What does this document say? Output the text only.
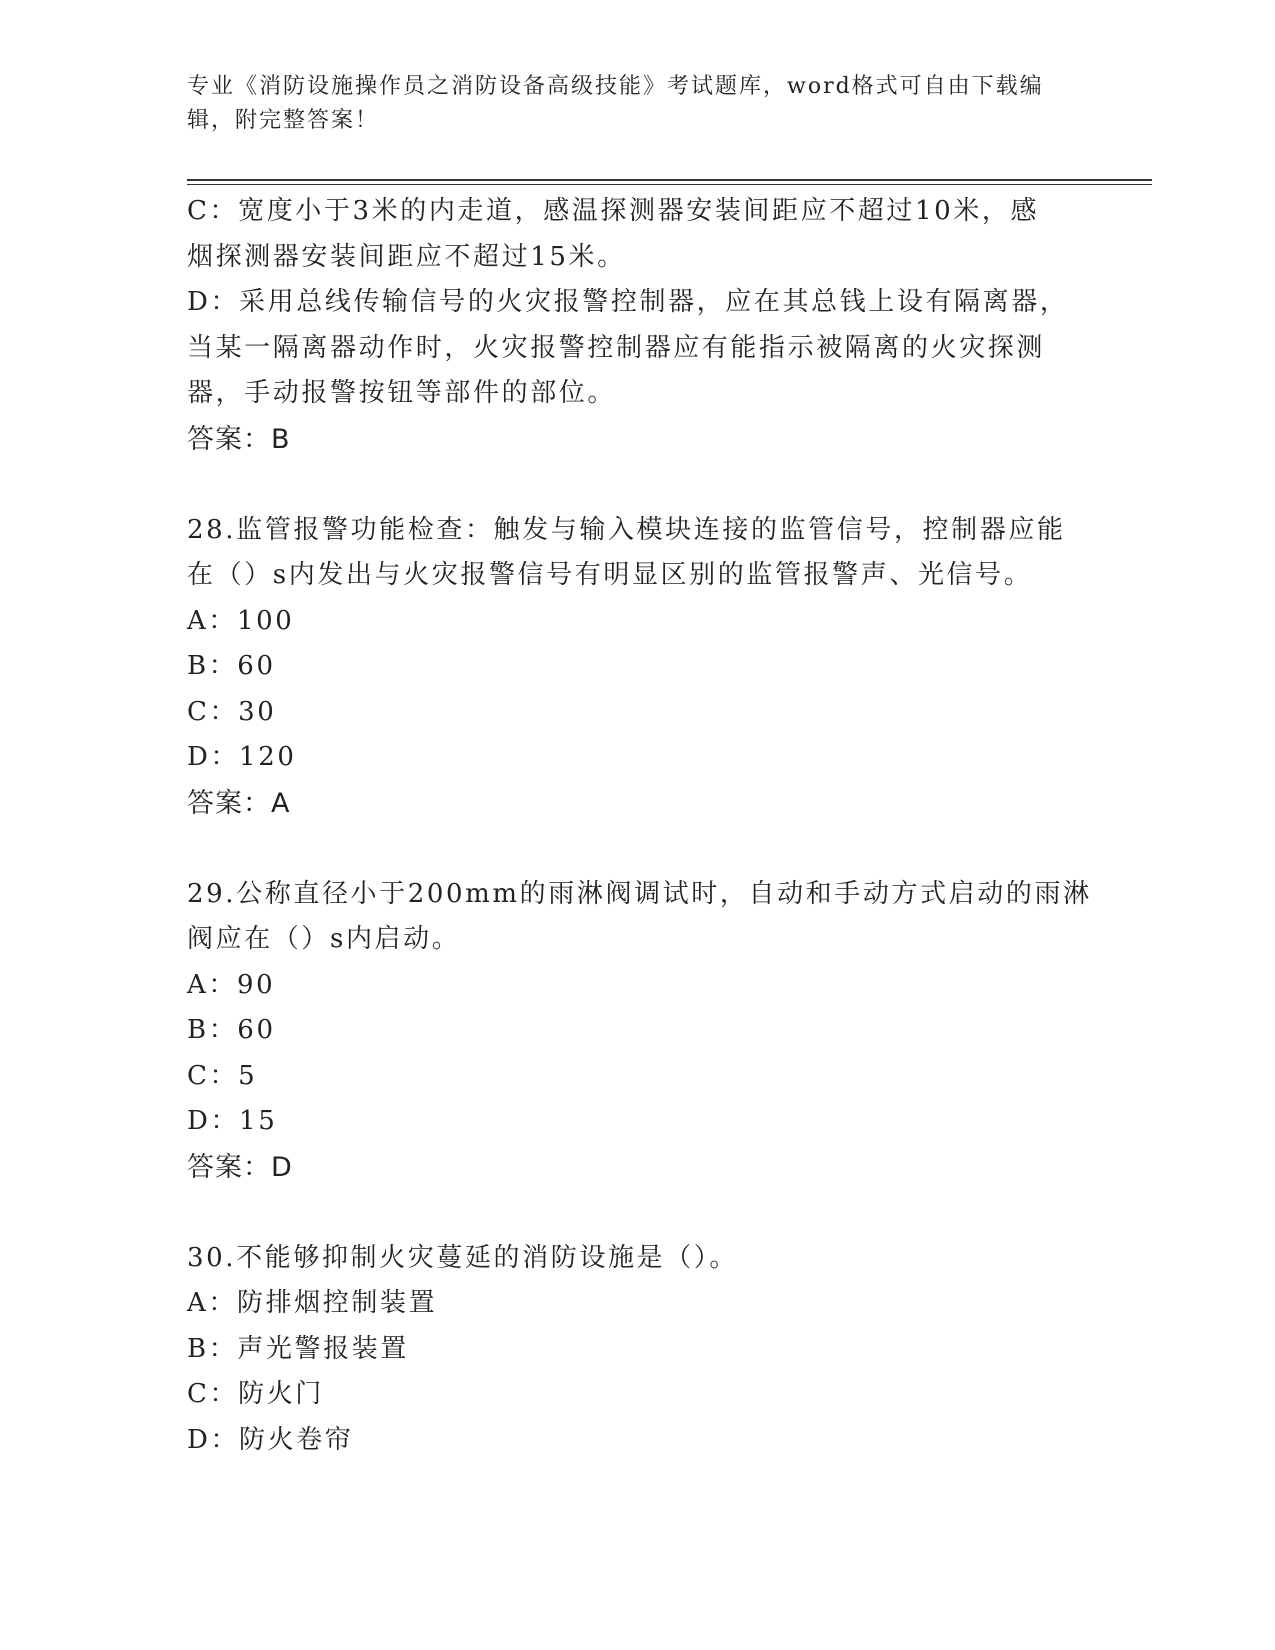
专业《消防设施操作员之消防设备高级技能》考试题库，word格式可自由下载编
辑，附完整答案！
C：宽度小于3米的内走道，感温探测器安装间距应不超过10米，感
烟探测器安装间距应不超过15米。
D：采用总线传输信号的火灾报警控制器，应在其总钱上设有隔离器，
当某一隔离器动作时，火灾报警控制器应有能指示被隔离的火灾探测
器，手动报警按钮等部件的部位。
答案：B
28.监管报警功能检查：触发与输入模块连接的监管信号，控制器应能
在（）s内发出与火灾报警信号有明显区别的监管报警声、光信号。
A：100
B：60
C：30
D：120
答案：A
29.公称直径小于200mm的雨淋阀调试时，自动和手动方式启动的雨淋
阀应在（）s内启动。
A：90
B：60
C：5
D：15
答案：D
30.不能够抑制火灾蔓延的消防设施是（）。
A：防排烟控制装置
B：声光警报装置
C：防火门
D：防火卷帘
